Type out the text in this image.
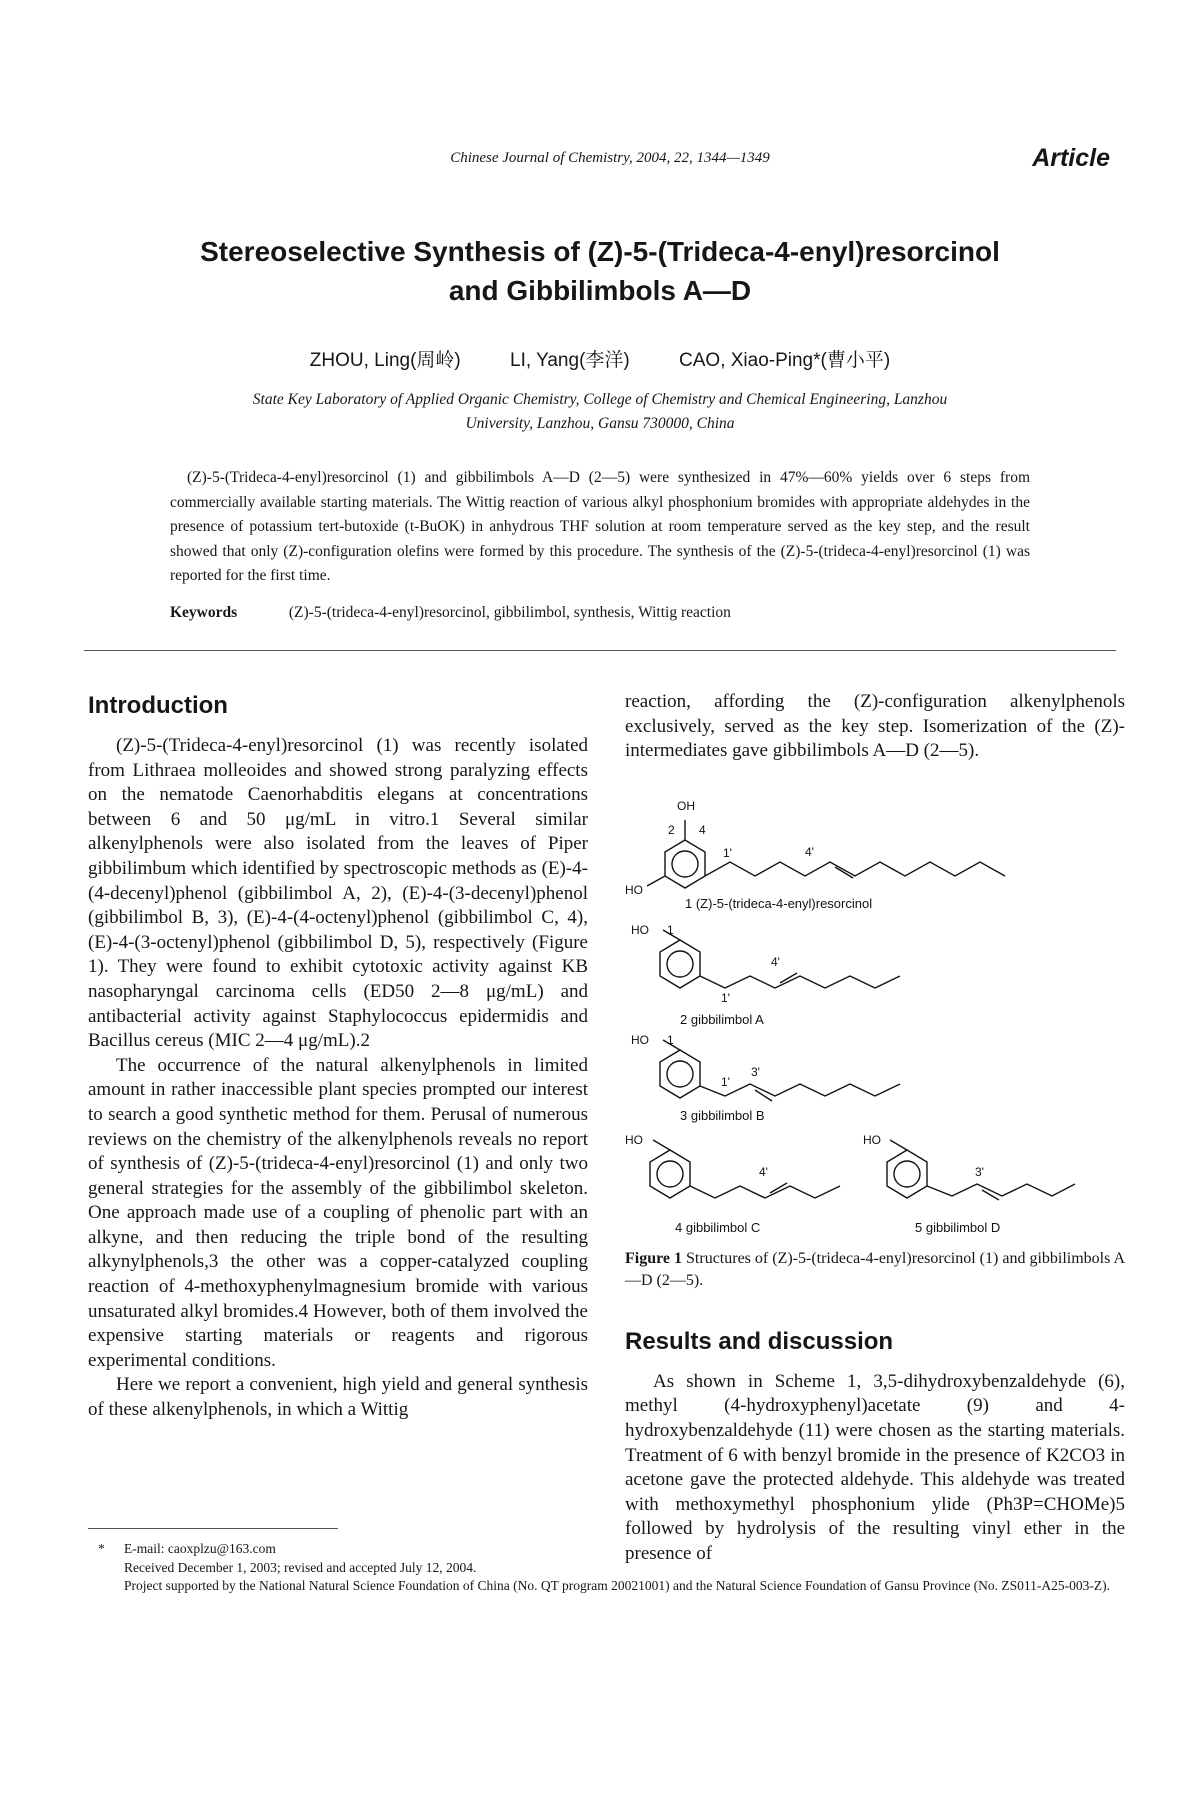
Chinese Journal of Chemistry, 2004, 22, 1344—1349	Article
Stereoselective Synthesis of (Z)-5-(Trideca-4-enyl)resorcinol
and Gibbilimbols A—D
ZHOU, Ling(周岭)	LI, Yang(李洋)	CAO, Xiao-Ping*(曹小平)
State Key Laboratory of Applied Organic Chemistry, College of Chemistry and Chemical Engineering, Lanzhou
University, Lanzhou, Gansu 730000, China

(Z)-5-(Trideca-4-enyl)resorcinol (1) and gibbilimbols A—D (2—5) were synthesized in 47%—60% yields over 6 steps from commercially available starting materials. The Wittig reaction of various alkyl phosphonium bromides with appropriate aldehydes in the presence of potassium tert-butoxide (t-BuOK) in anhydrous THF solution at room temperature served as the key step, and the result showed that only (Z)-configuration olefins were formed by this procedure. The synthesis of the (Z)-5-(trideca-4-enyl)resorcinol (1) was reported for the first time.

Keywords	(Z)-5-(trideca-4-enyl)resorcinol, gibbilimbol, synthesis, Wittig reaction
Introduction

(Z)-5-(Trideca-4-enyl)resorcinol (1) was recently isolated from Lithraea molleoides and showed strong paralyzing effects on the nematode Caenorhabditis elegans at concentrations between 6 and 50 μg/mL in vitro.1 Several similar alkenylphenols were also isolated from the leaves of Piper gibbilimbum which identified by spectroscopic methods as (E)-4-(4-decenyl)phenol (gibbilimbol A, 2), (E)-4-(3-decenyl)phenol (gibbilimbol B, 3), (E)-4-(4-octenyl)phenol (gibbilimbol C, 4), (E)-4-(3-octenyl)phenol (gibbilimbol D, 5), respectively (Figure 1). They were found to exhibit cytotoxic activity against KB nasopharyngal carcinoma cells (ED50 2—8 μg/mL) and antibacterial activity against Staphylococcus epidermidis and Bacillus cereus (MIC 2—4 μg/mL).2

The occurrence of the natural alkenylphenols in limited amount in rather inaccessible plant species prompted our interest to search a good synthetic method for them. Perusal of numerous reviews on the chemistry of the alkenylphenols reveals no report of synthesis of (Z)-5-(trideca-4-enyl)resorcinol (1) and only two general strategies for the assembly of the gibbilimbol skeleton. One approach made use of a coupling of phenolic part with an alkyne, and then reducing the triple bond of the resulting alkynylphenols,3 the other was a copper-catalyzed coupling reaction of 4-methoxyphenylmagnesium bromide with various unsaturated alkyl bromides.4 However, both of them involved the expensive starting materials or reagents and rigorous experimental conditions.

Here we report a convenient, high yield and general synthesis of these alkenylphenols, in which a Wittig

reaction, affording the (Z)-configuration alkenylphenols exclusively, served as the key step. Isomerization of the (Z)-intermediates gave gibbilimbols A—D (2—5).

OH
HO
2 4
1'	4'
1 (Z)-5-(trideca-4-enyl)resorcinol
HO 1
1'
4'
2 gibbilimbol A
HO 1
1'
3'
3 gibbilimbol B
HO
4'
4 gibbilimbol C
HO
3'
5 gibbilimbol D
Figure 1 Structures of (Z)-5-(trideca-4-enyl)resorcinol (1) and gibbilimbols A—D (2—5).
Results and discussion

As shown in Scheme 1, 3,5-dihydroxybenzaldehyde (6), methyl (4-hydroxyphenyl)acetate (9) and 4-hydroxybenzaldehyde (11) were chosen as the starting materials. Treatment of 6 with benzyl bromide in the presence of K2CO3 in acetone gave the protected aldehyde. This aldehyde was treated with methoxymethyl phosphonium ylide (Ph3P=CHOMe)5 followed by hydrolysis of the resulting vinyl ether in the presence of

*	E-mail: caoxplzu@163.com

Received December 1, 2003; revised and accepted July 12, 2004.

Project supported by the National Natural Science Foundation of China (No. QT program 20021001) and the Natural Science Foundation of Gansu Province (No. ZS011-A25-003-Z).
